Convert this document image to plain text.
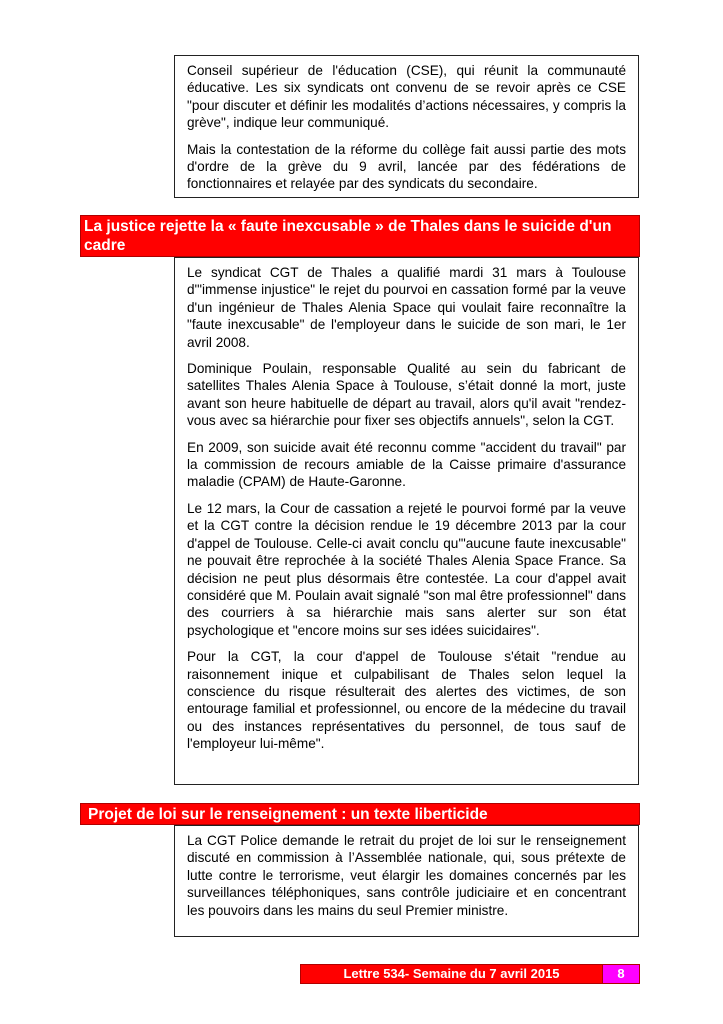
Conseil supérieur de l'éducation (CSE), qui réunit la communauté éducative. Les six syndicats ont convenu de se revoir après ce CSE "pour discuter et définir les modalités d’actions nécessaires, y compris la grève", indique leur communiqué.

Mais la contestation de la réforme du collège fait aussi partie des mots d'ordre de la grève du 9 avril, lancée par des fédérations de fonctionnaires et relayée par des syndicats du secondaire.

La justice rejette la « faute inexcusable » de Thales dans le suicide d'un cadre

Le syndicat CGT de Thales a qualifié mardi 31 mars à Toulouse d'"immense injustice" le rejet du pourvoi en cassation formé par la veuve d'un ingénieur de Thales Alenia Space qui voulait faire reconnaître la "faute inexcusable" de l'employeur dans le suicide de son mari, le 1er avril 2008.

Dominique Poulain, responsable Qualité au sein du fabricant de satellites Thales Alenia Space à Toulouse, s’était donné la mort, juste avant son heure habituelle de départ au travail, alors qu'il avait "rendez-vous avec sa hiérarchie pour fixer ses objectifs annuels", selon la CGT.

En 2009, son suicide avait été reconnu comme "accident du travail" par la commission de recours amiable de la Caisse primaire d'assurance maladie (CPAM) de Haute-Garonne.

Le 12 mars, la Cour de cassation a rejeté le pourvoi formé par la veuve et la CGT contre la décision rendue le 19 décembre 2013 par la cour d'appel de Toulouse. Celle-ci avait conclu qu'"aucune faute inexcusable" ne pouvait être reprochée à la société Thales Alenia Space France. Sa décision ne peut plus désormais être contestée. La cour d'appel avait considéré que M. Poulain avait signalé "son mal être professionnel" dans des courriers à sa hiérarchie mais sans alerter sur son état psychologique et "encore moins sur ses idées suicidaires".

Pour la CGT, la cour d'appel de Toulouse s'était "rendue au raisonnement inique et culpabilisant de Thales selon lequel la conscience du risque résulterait des alertes des victimes, de son entourage familial et professionnel, ou encore de la médecine du travail ou des instances représentatives du personnel, de tous sauf de l'employeur lui-même".

Projet de loi sur le renseignement : un texte liberticide

La CGT Police demande le retrait du projet de loi sur le renseignement discuté en commission à l’Assemblée nationale, qui, sous prétexte de lutte contre le terrorisme, veut élargir les domaines concernés par les surveillances téléphoniques, sans contrôle judiciaire et en concentrant les pouvoirs dans les mains du seul Premier ministre.

Lettre 534- Semaine du 7 avril 2015	8
